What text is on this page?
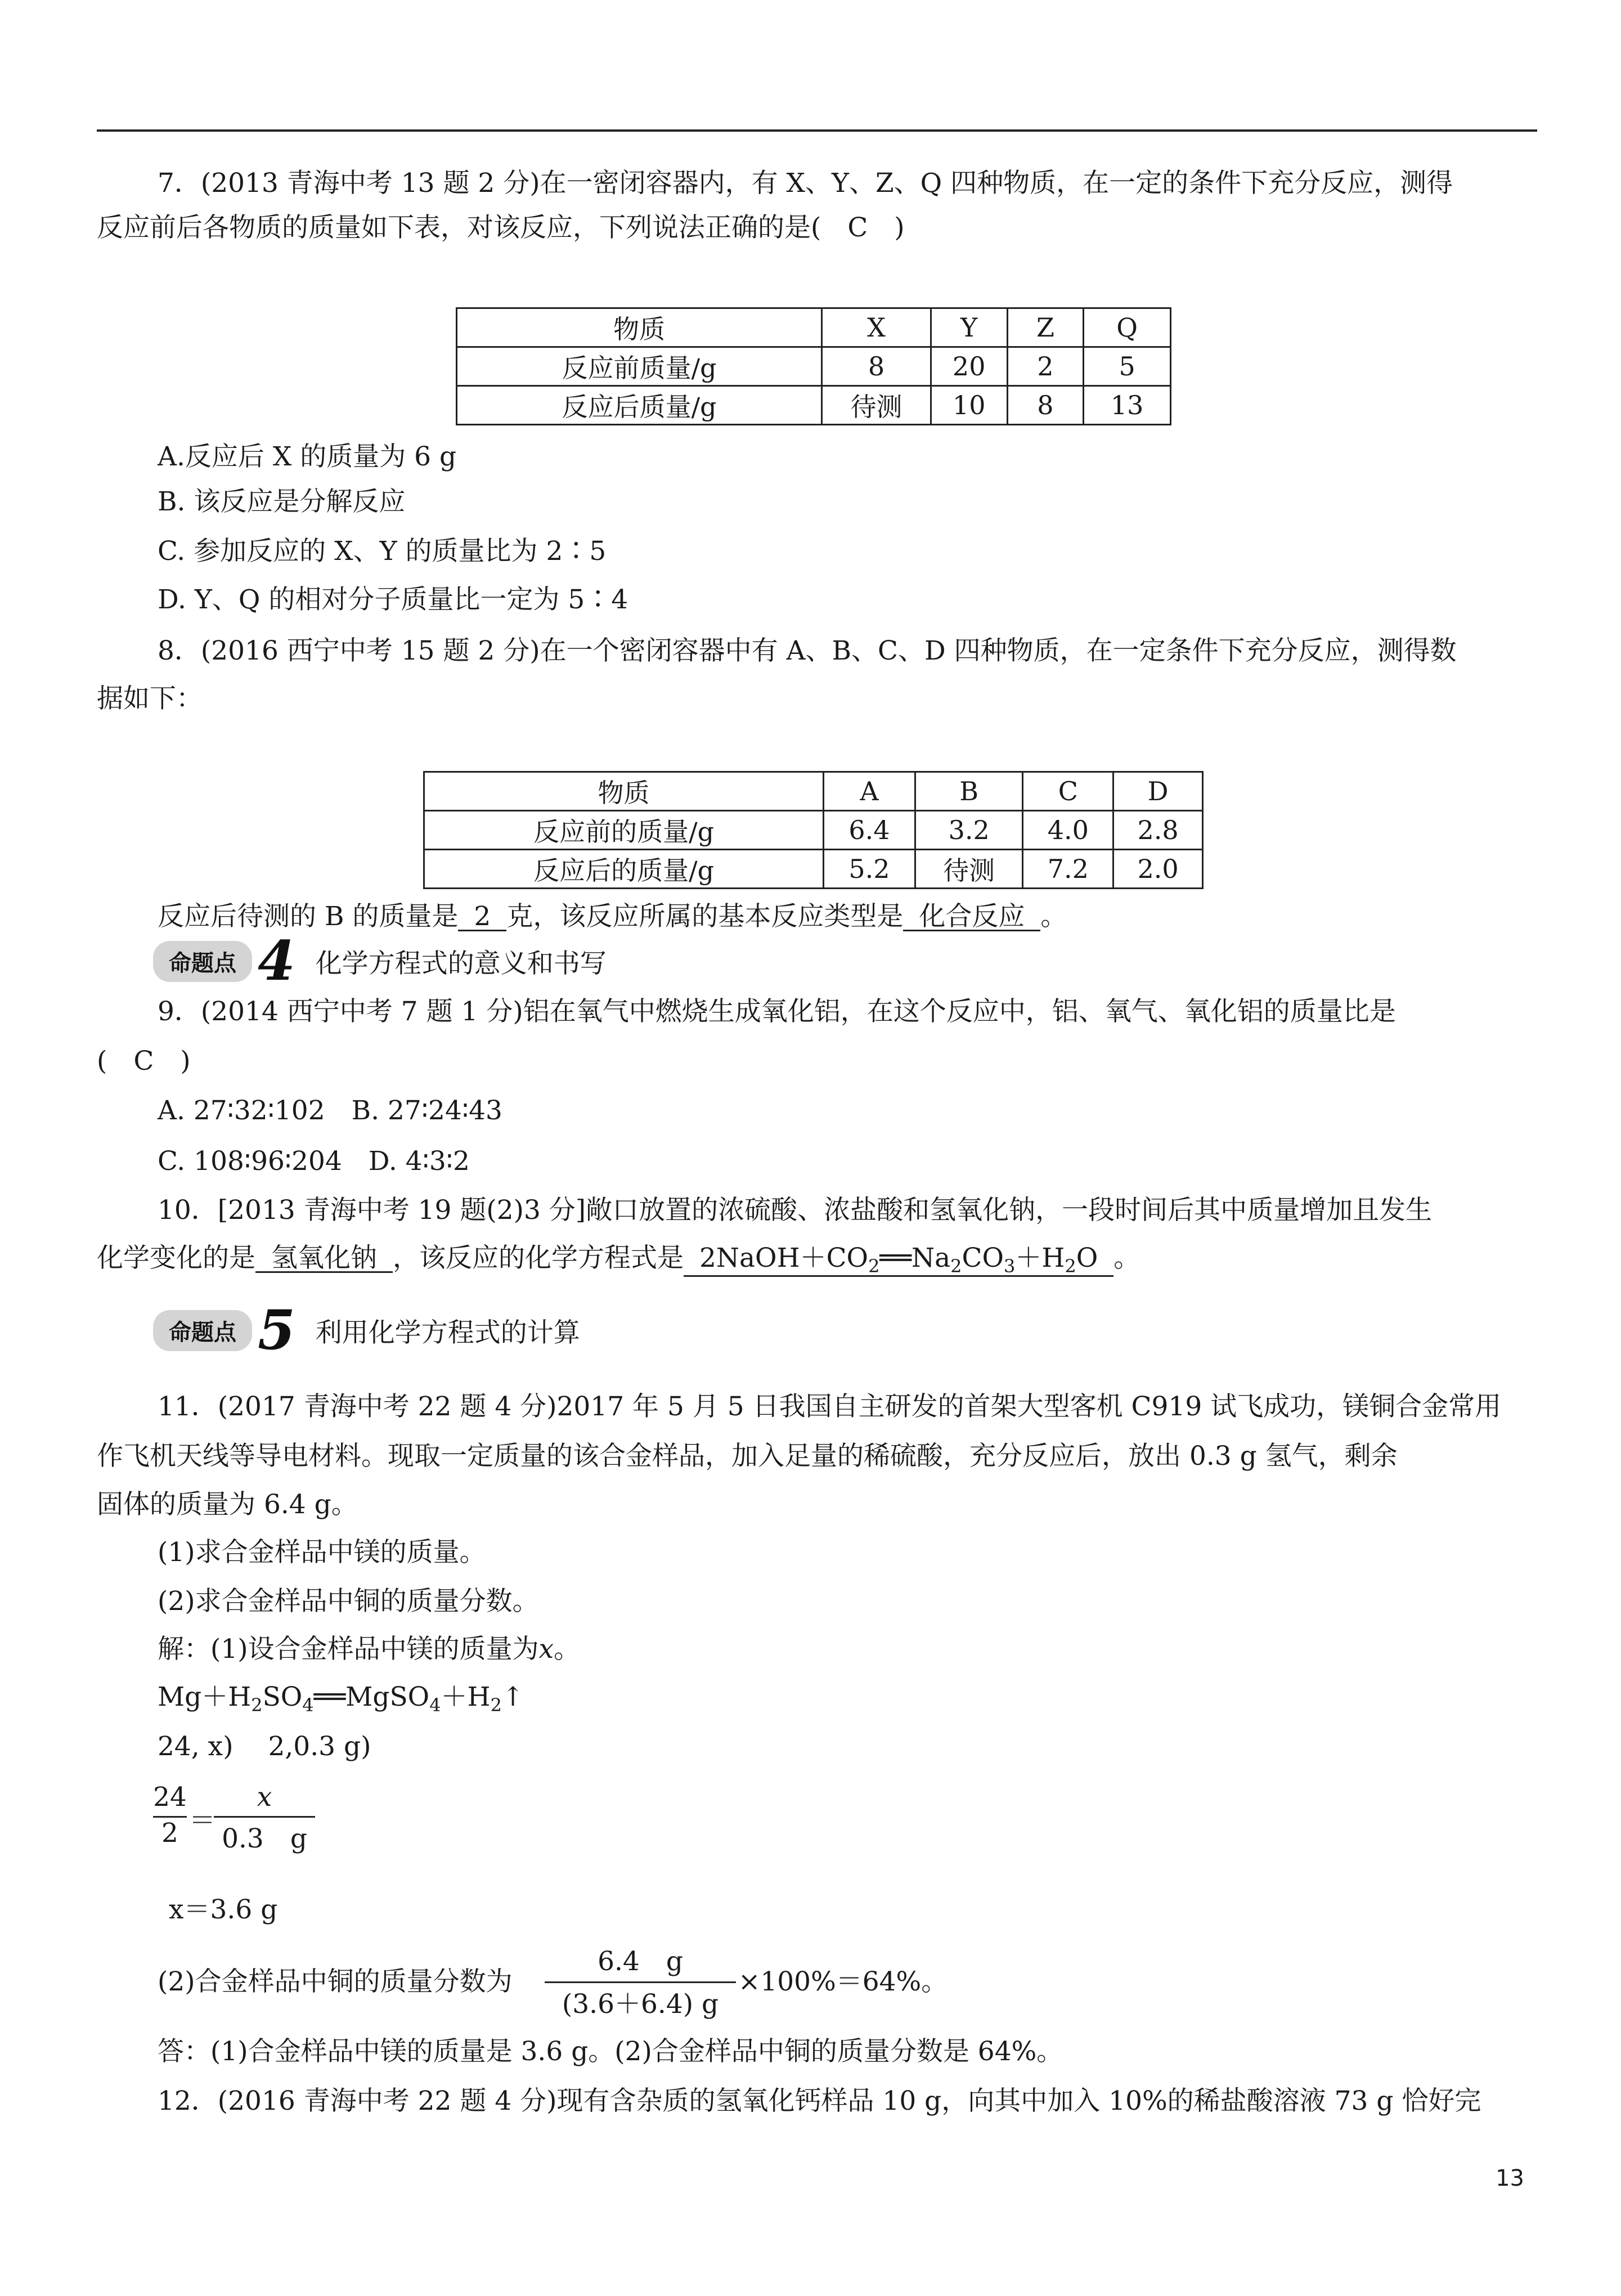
7．(2013 青海中考 13 题 2 分)在一密闭容器内，有 X、Y、Z、Q 四种物质，在一定的条件下充分反应，测得
反应前后各物质的质量如下表，对该反应，下列说法正确的是(　C　)
物质	X	Y	Z	Q
反应前质量/g	8	20	2	5
反应后质量/g	待测	10	8	13
A.反应后 X 的质量为 6 g
B. 该反应是分解反应
C. 参加反应的 X、Y 的质量比为 2∶5
D. Y、Q 的相对分子质量比一定为 5∶4
8．(2016 西宁中考 15 题 2 分)在一个密闭容器中有 A、B、C、D 四种物质，在一定条件下充分反应，测得数
据如下：
物质	A	B	C	D
反应前的质量/g	6.4	3.2	4.0	2.8
反应后的质量/g	5.2	待测	7.2	2.0
反应后待测的 B 的质量是 2 克，该反应所属的基本反应类型是 化合反应 。
命题点 4 化学方程式的意义和书写
9．(2014 西宁中考 7 题 1 分)铝在氧气中燃烧生成氧化铝，在这个反应中，铝、氧气、氧化铝的质量比是
(　C　)
A. 27∶32∶102　B. 27∶24∶43
C. 108∶96∶204　D. 4∶3∶2
10．[2013 青海中考 19 题(2)3 分]敞口放置的浓硫酸、浓盐酸和氢氧化钠，一段时间后其中质量增加且发生
化学变化的是 氢氧化钠 ，该反应的化学方程式是 $2NaOH+CO_2══Na_2CO_3+H_2O$ 。
命题点 5 利用化学方程式的计算
11．(2017 青海中考 22 题 4 分)2017 年 5 月 5 日我国自主研发的首架大型客机 C919 试飞成功，镁铜合金常用
作飞机天线等导电材料。现取一定质量的该合金样品，加入足量的稀硫酸，充分反应后，放出 0.3 g 氢气，剩余
固体的质量为 6.4 g。
(1)求合金样品中镁的质量。
(2)求合金样品中铜的质量分数。
解：(1)设合金样品中镁的质量为x。
$Mg+H_2SO_4══MgSO_4+H_2↑$
24, x)　 2,0.3 g)
$\frac{24}{2}$ ＝
$\frac{x}{0.3 g}$
x＝3.6 g
(2)合金样品中铜的质量分数为 $\frac{6.4 g}{(3.6+6.4) g} \times 100\%=64\%$。
答：(1)合金样品中镁的质量是 3.6 g。(2)合金样品中铜的质量分数是 64%。
12．(2016 青海中考 22 题 4 分)现有含杂质的氢氧化钙样品 10 g，向其中加入 10%的稀盐酸溶液 73 g 恰好完
13
